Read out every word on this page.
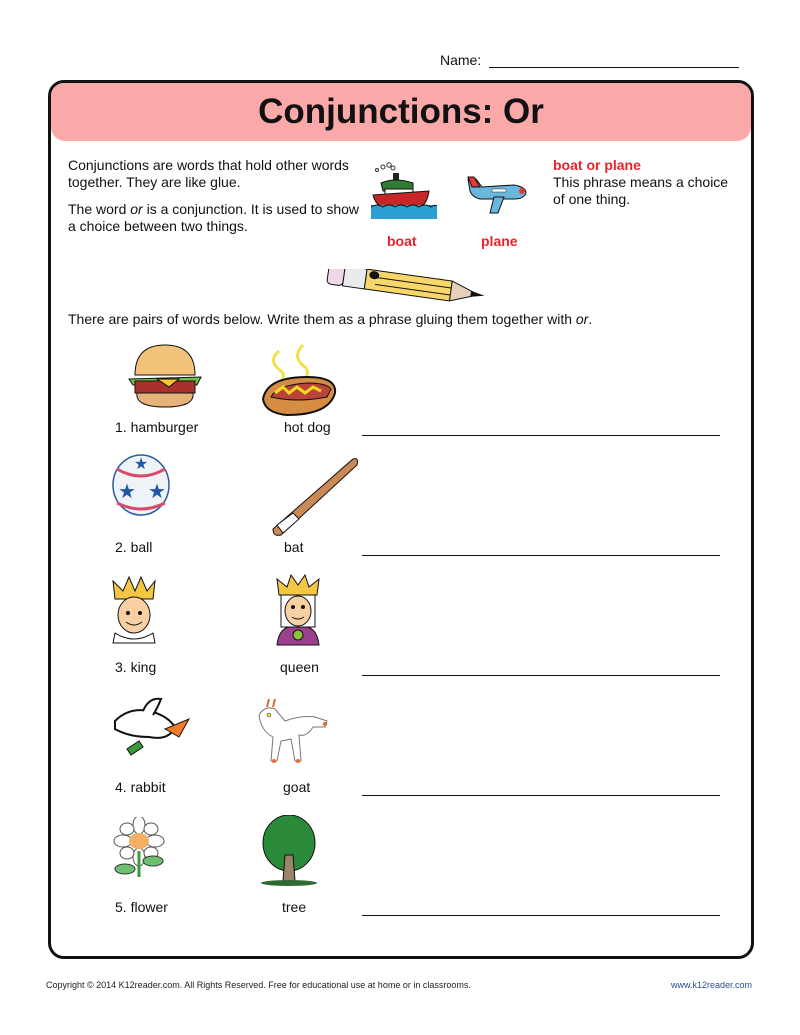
Name:
Conjunctions: Or

Conjunctions are words that hold other words together. They are like glue.

The word or is a conjunction. It is used to show a choice between two things.

boat	plane
boat or plane
This phrase means a choice of one thing.
There are pairs of words below. Write them as a phrase gluing them together with or.
1. hamburger	hot dog
★
★ ★
2. ball	bat
3. king	queen
4. rabbit	goat
5. flower	tree
Copyright © 2014 K12reader.com. All Rights Reserved. Free for educational use at home or in classrooms.	www.k12reader.com
